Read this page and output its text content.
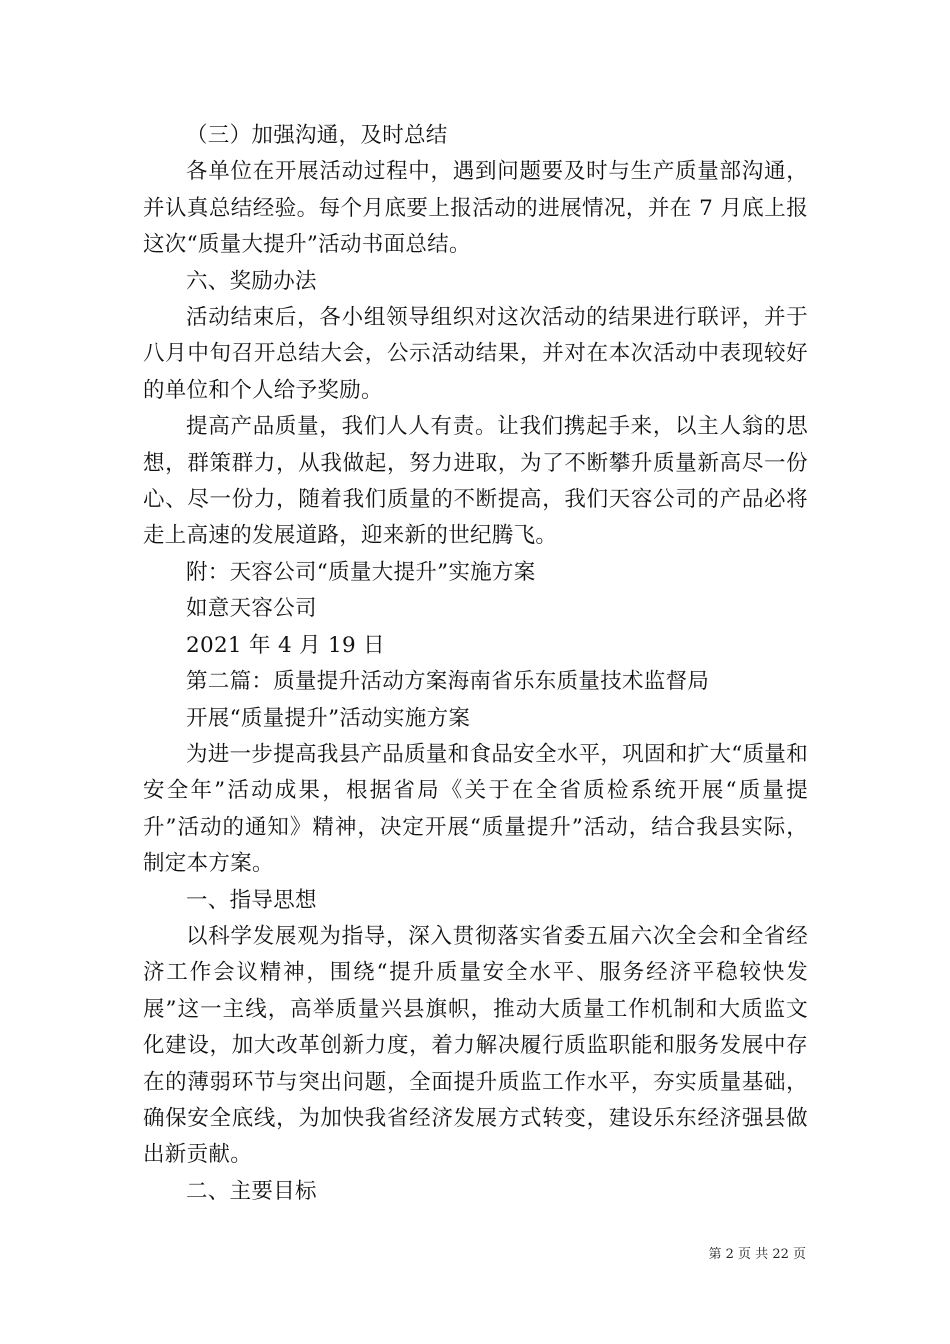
（三）加强沟通，及时总结

各单位在开展活动过程中，遇到问题要及时与生产质量部沟通，并认真总结经验。每个月底要上报活动的进展情况，并在 7 月底上报这次“质量大提升”活动书面总结。

六、奖励办法

活动结束后，各小组领导组织对这次活动的结果进行联评，并于八月中旬召开总结大会，公示活动结果，并对在本次活动中表现较好的单位和个人给予奖励。

提高产品质量，我们人人有责。让我们携起手来，以主人翁的思想，群策群力，从我做起，努力进取，为了不断攀升质量新高尽一份心、尽一份力，随着我们质量的不断提高，我们天容公司的产品必将走上高速的发展道路，迎来新的世纪腾飞。

附：天容公司“质量大提升”实施方案

如意天容公司

2021 年 4 月 19 日

第二篇：质量提升活动方案海南省乐东质量技术监督局

开展“质量提升”活动实施方案

为进一步提高我县产品质量和食品安全水平，巩固和扩大“质量和安全年”活动成果，根据省局《关于在全省质检系统开展“质量提升”活动的通知》精神，决定开展“质量提升”活动，结合我县实际，制定本方案。

一、指导思想

以科学发展观为指导，深入贯彻落实省委五届六次全会和全省经济工作会议精神，围绕“提升质量安全水平、服务经济平稳较快发展”这一主线，高举质量兴县旗帜，推动大质量工作机制和大质监文化建设，加大改革创新力度，着力解决履行质监职能和服务发展中存在的薄弱环节与突出问题，全面提升质监工作水平，夯实质量基础，确保安全底线，为加快我省经济发展方式转变，建设乐东经济强县做出新贡献。

二、主要目标

第 2 页 共 22 页
